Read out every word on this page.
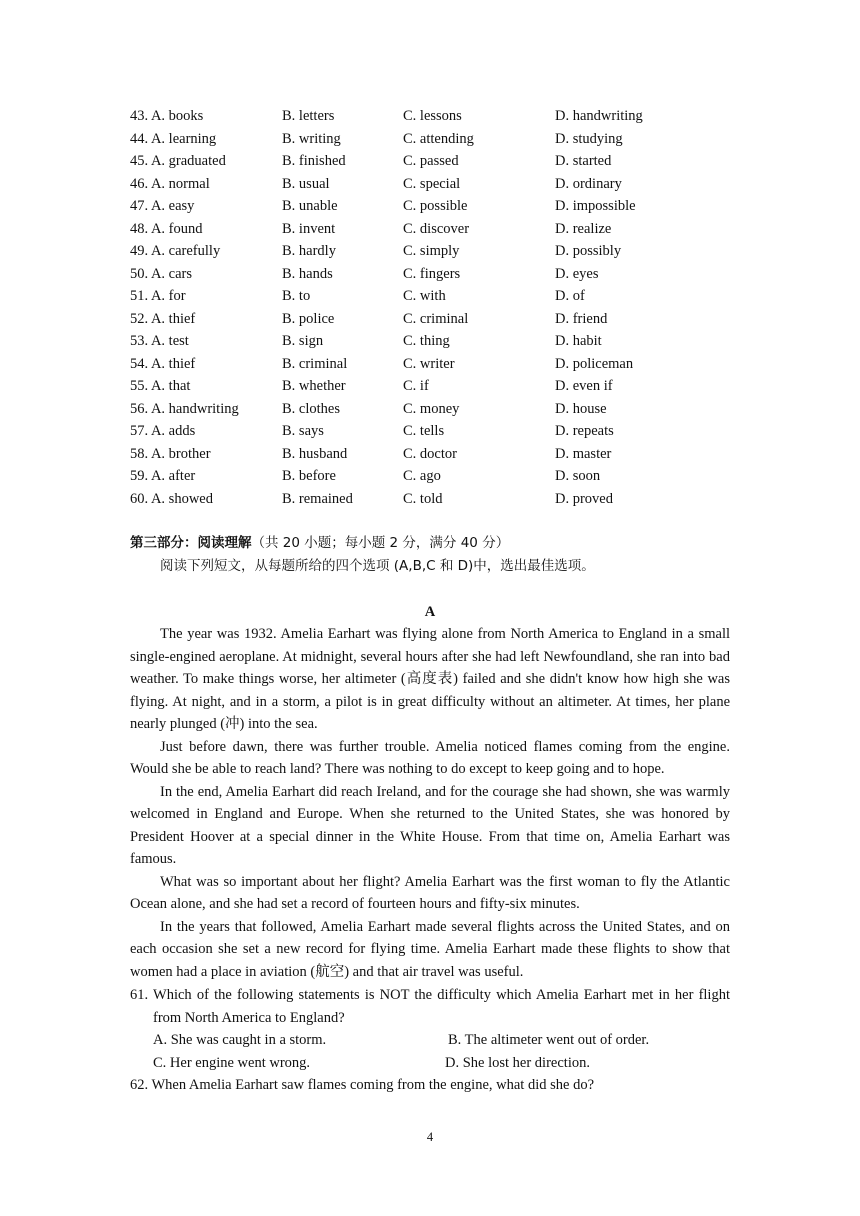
43. A. books	B. letters	C. lessons	D. handwriting
44. A. learning	B. writing	C. attending	D. studying
45. A. graduated	B. finished	C. passed	D. started
46. A. normal	B. usual	C. special	D. ordinary
47. A. easy	B. unable	C. possible	D. impossible
48. A. found	B. invent	C. discover	D. realize
49. A. carefully	B. hardly	C. simply	D. possibly
50. A. cars	B. hands	C. fingers	D. eyes
51. A. for	B. to	C. with	D. of
52. A. thief	B. police	C. criminal	D. friend
53. A. test	B. sign	C. thing	D. habit
54. A. thief	B. criminal	C. writer	D. policeman
55. A. that	B. whether	C. if	D. even if
56. A. handwriting	B. clothes	C. money	D. house
57. A. adds	B. says	C. tells	D. repeats
58. A. brother	B. husband	C. doctor	D. master
59. A. after	B. before	C. ago	D. soon
60. A. showed	B. remained	C. told	D. proved
第三部分：阅读理解（共 20 小题；每小题 2 分，满分 40 分）
阅读下列短文，从每题所给的四个选项 (A,B,C 和 D)中，选出最佳选项。
A

The year was 1932. Amelia Earhart was flying alone from North America to England in a small single-engined aeroplane. At midnight, several hours after she had left Newfoundland, she ran into bad weather. To make things worse, her altimeter (高度表) failed and she didn't know how high she was flying. At night, and in a storm, a pilot is in great difficulty without an altimeter. At times, her plane nearly plunged (冲) into the sea.

Just before dawn, there was further trouble. Amelia noticed flames coming from the engine. Would she be able to reach land? There was nothing to do except to keep going and to hope.

In the end, Amelia Earhart did reach Ireland, and for the courage she had shown, she was warmly welcomed in England and Europe. When she returned to the United States, she was honored by President Hoover at a special dinner in the White House. From that time on, Amelia Earhart was famous.

What was so important about her flight? Amelia Earhart was the first woman to fly the Atlantic Ocean alone, and she had set a record of fourteen hours and fifty-six minutes.

In the years that followed, Amelia Earhart made several flights across the United States, and on each occasion she set a new record for flying time. Amelia Earhart made these flights to show that women had a place in aviation (航空) and that air travel was useful.

61. Which of the following statements is NOT the difficulty which Amelia Earhart met in her flight from North America to England?

A. She was caught in a storm.	B. The altimeter went out of order.
C. Her engine went wrong.	D. She lost her direction.

62. When Amelia Earhart saw flames coming from the engine, what did she do?

4
